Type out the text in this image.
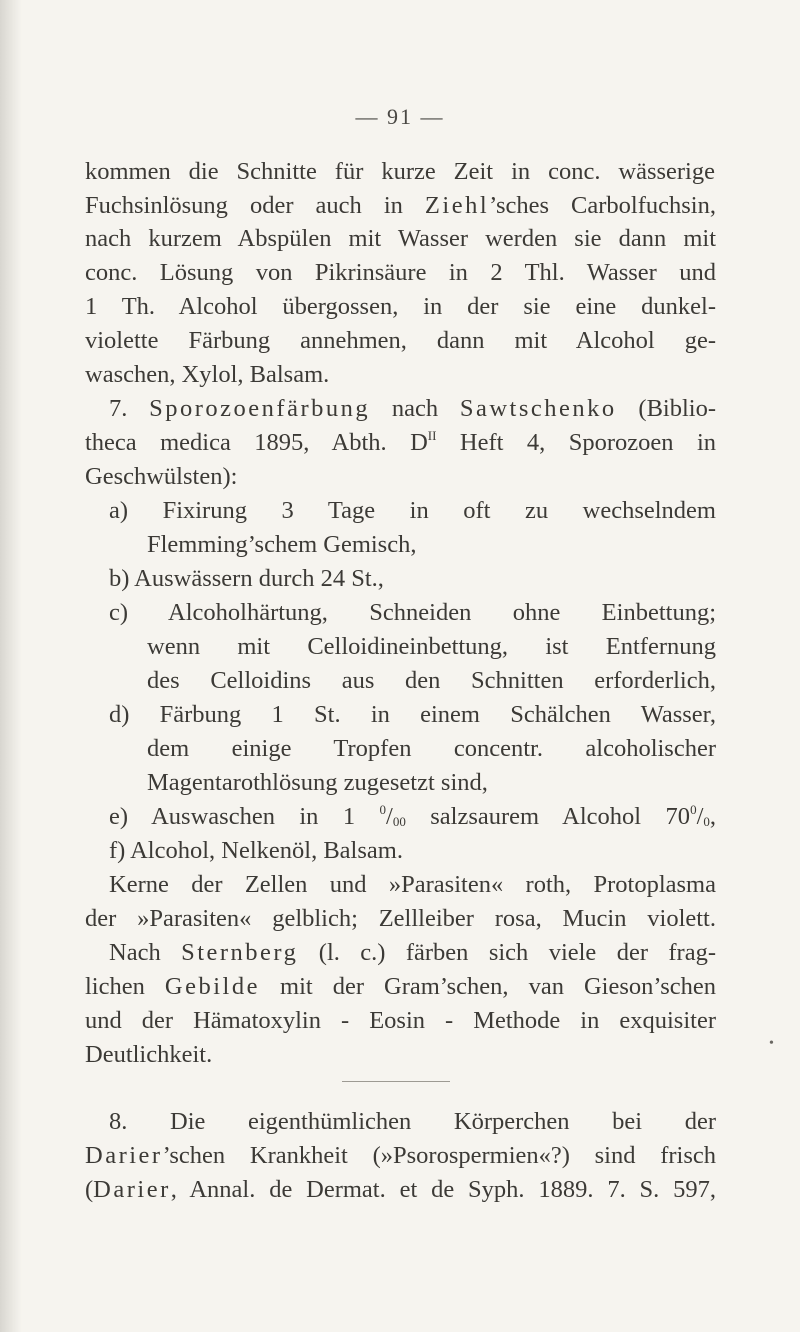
— 91 —
kommen die Schnitte für kurze Zeit in conc. wässerige
Fuchsinlösung oder auch in Ziehl’sches Carbolfuchsin,
nach kurzem Abspülen mit Wasser werden sie dann mit
conc. Lösung von Pikrinsäure in 2 Thl. Wasser und
1 Th. Alcohol übergossen, in der sie eine dunkel-
violette Färbung annehmen, dann mit Alcohol ge-
waschen, Xylol, Balsam.
7. Sporozoenfärbung nach Sawtschenko (Biblio-
theca medica 1895, Abth. $D^{II}$ Heft 4, Sporozoen in
Geschwülsten):
a) Fixirung 3 Tage in oft zu wechselndem
Flemming’schem Gemisch,
b) Auswässern durch 24 St.,
c) Alcoholhärtung, Schneiden ohne Einbettung;
wenn mit Celloidineinbettung, ist Entfernung
des Celloidins aus den Schnitten erforderlich,
d) Färbung 1 St. in einem Schälchen Wasser,
dem einige Tropfen concentr. alcoholischer
Magentarothlösung zugesetzt sind,
e) Auswaschen in 1 $^0/_{00}$ salzsaurem Alcohol $70^0/_0$,
f) Alcohol, Nelkenöl, Balsam.
Kerne der Zellen und »Parasiten« roth, Protoplasma
der »Parasiten« gelblich; Zellleiber rosa, Mucin violett.
Nach Sternberg (l. c.) färben sich viele der frag-
lichen Gebilde mit der Gram’schen, van Gieson’schen
und der Hämatoxylin - Eosin - Methode in exquisiter
Deutlichkeit.
8. Die eigenthümlichen Körperchen bei der
Darier’schen Krankheit (»Psorospermien«?) sind frisch
(Darier, Annal. de Dermat. et de Syph. 1889. 7. S. 597,
•
